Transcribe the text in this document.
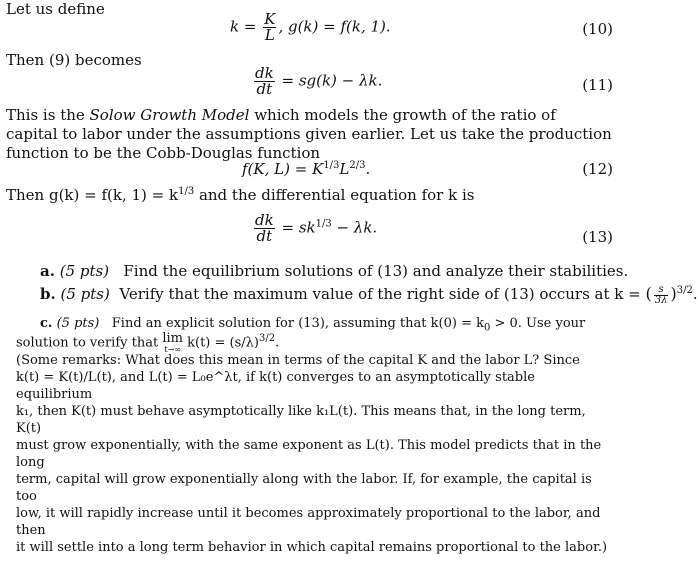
Let us define
$k = \frac{K}{L}$ , g(k) = f(k, 1).	(10)
Then (9) becomes
$\frac{dk}{dt} = sg(k) - \lambda k$.	(11)
This is the Solow Growth Model which models the growth of the ratio of capital to labor under the assumptions given earlier. Let us take the production function to be the Cobb-Douglas function
f(K, $L) = K^{1/3}L^{2/3}$.	(12)
Then g(k) = f(k, $1) = k^{1/3}$ and the differential equation for k is
$\frac{dk}{dt} = sk^{1/3} - \lambda k$.
(13)
a. (5 pts) Find the equilibrium solutions of (13) and analyze their stabilities.
b. (5 pts) Verify that the maximum value of the right side of (13) occurs at k = ( $\frac{s}{3\lambda} )^{3/2}$.
c. (5 pts) Find an explicit solution for (13), assuming that $k(0) = k_0 > 0$. Use your
solution to verify that lim
t→∞ $k(t) = (s/\lambda)^{3/2}$.
(Some remarks: What does this mean in terms of the capital K and the labor L? Since
k(t) = K(t)/L(t), and L(t) = L₀e^λt, if k(t) converges to an asymptotically stable equilibrium
k₁, then K(t) must behave asymptotically like k₁L(t). This means that, in the long term, K(t)
must grow exponentially, with the same exponent as L(t). This model predicts that in the long
term, capital will grow exponentially along with the labor. If, for example, the capital is too
low, it will rapidly increase until it becomes approximately proportional to the labor, and then
it will settle into a long term behavior in which capital remains proportional to the labor.)
